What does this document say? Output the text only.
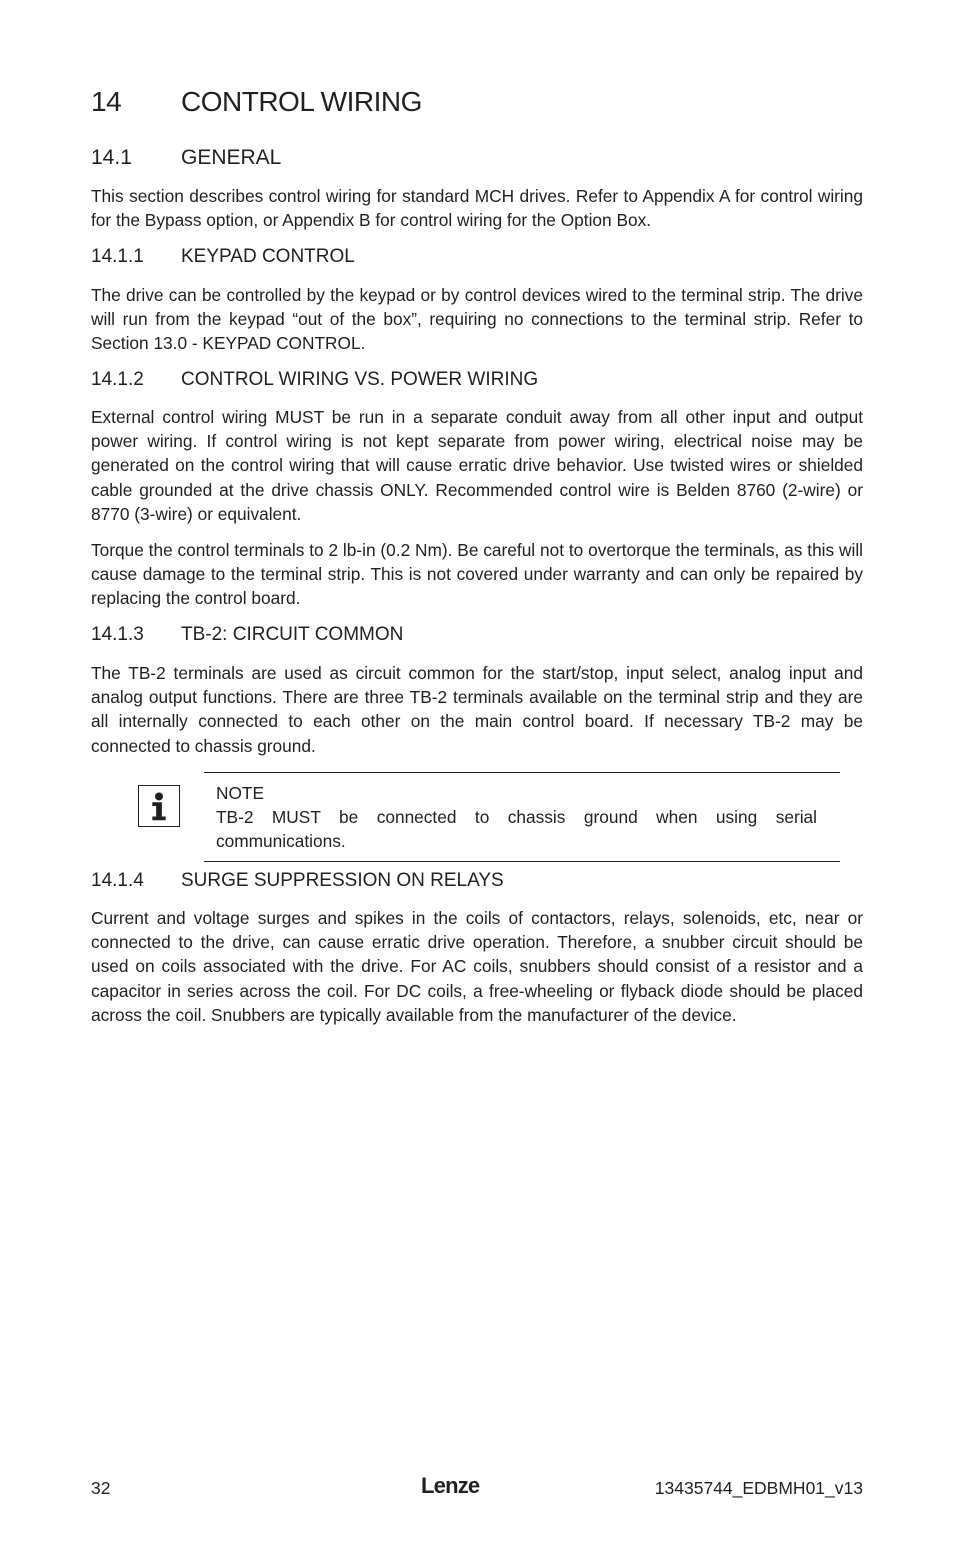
14 CONTROL WIRING
14.1 GENERAL

This section describes control wiring for standard MCH drives. Refer to Appendix A for control wiring for the Bypass option, or Appendix B for control wiring for the Option Box.

14.1.1 KEYPAD CONTROL

The drive can be controlled by the keypad or by control devices wired to the terminal strip. The drive will run from the keypad “out of the box”, requiring no connections to the terminal strip. Refer to Section 13.0 - KEYPAD CONTROL.

14.1.2 CONTROL WIRING VS. POWER WIRING

External control wiring MUST be run in a separate conduit away from all other input and output power wiring. If control wiring is not kept separate from power wiring, electrical noise may be generated on the control wiring that will cause erratic drive behavior. Use twisted wires or shielded cable grounded at the drive chassis ONLY. Recommended control wire is Belden 8760 (2-wire) or 8770 (3-wire) or equivalent.

Torque the control terminals to 2 lb-in (0.2 Nm). Be careful not to overtorque the terminals, as this will cause damage to the terminal strip. This is not covered under warranty and can only be repaired by replacing the control board.

14.1.3 TB-2: CIRCUIT COMMON

The TB-2 terminals are used as circuit common for the start/stop, input select, analog input and analog output functions. There are three TB-2 terminals available on the terminal strip and they are all internally connected to each other on the main control board. If necessary TB-2 may be connected to chassis ground.

NOTE

TB-2 MUST be connected to chassis ground when using serial communications.

14.1.4 SURGE SUPPRESSION ON RELAYS

Current and voltage surges and spikes in the coils of contactors, relays, solenoids, etc, near or connected to the drive, can cause erratic drive operation. Therefore, a snubber circuit should be used on coils associated with the drive. For AC coils, snubbers should consist of a resistor and a capacitor in series across the coil. For DC coils, a free-wheeling or flyback diode should be placed across the coil. Snubbers are typically available from the manufacturer of the device.

32	Lenze	13435744_EDBMH01_v13
